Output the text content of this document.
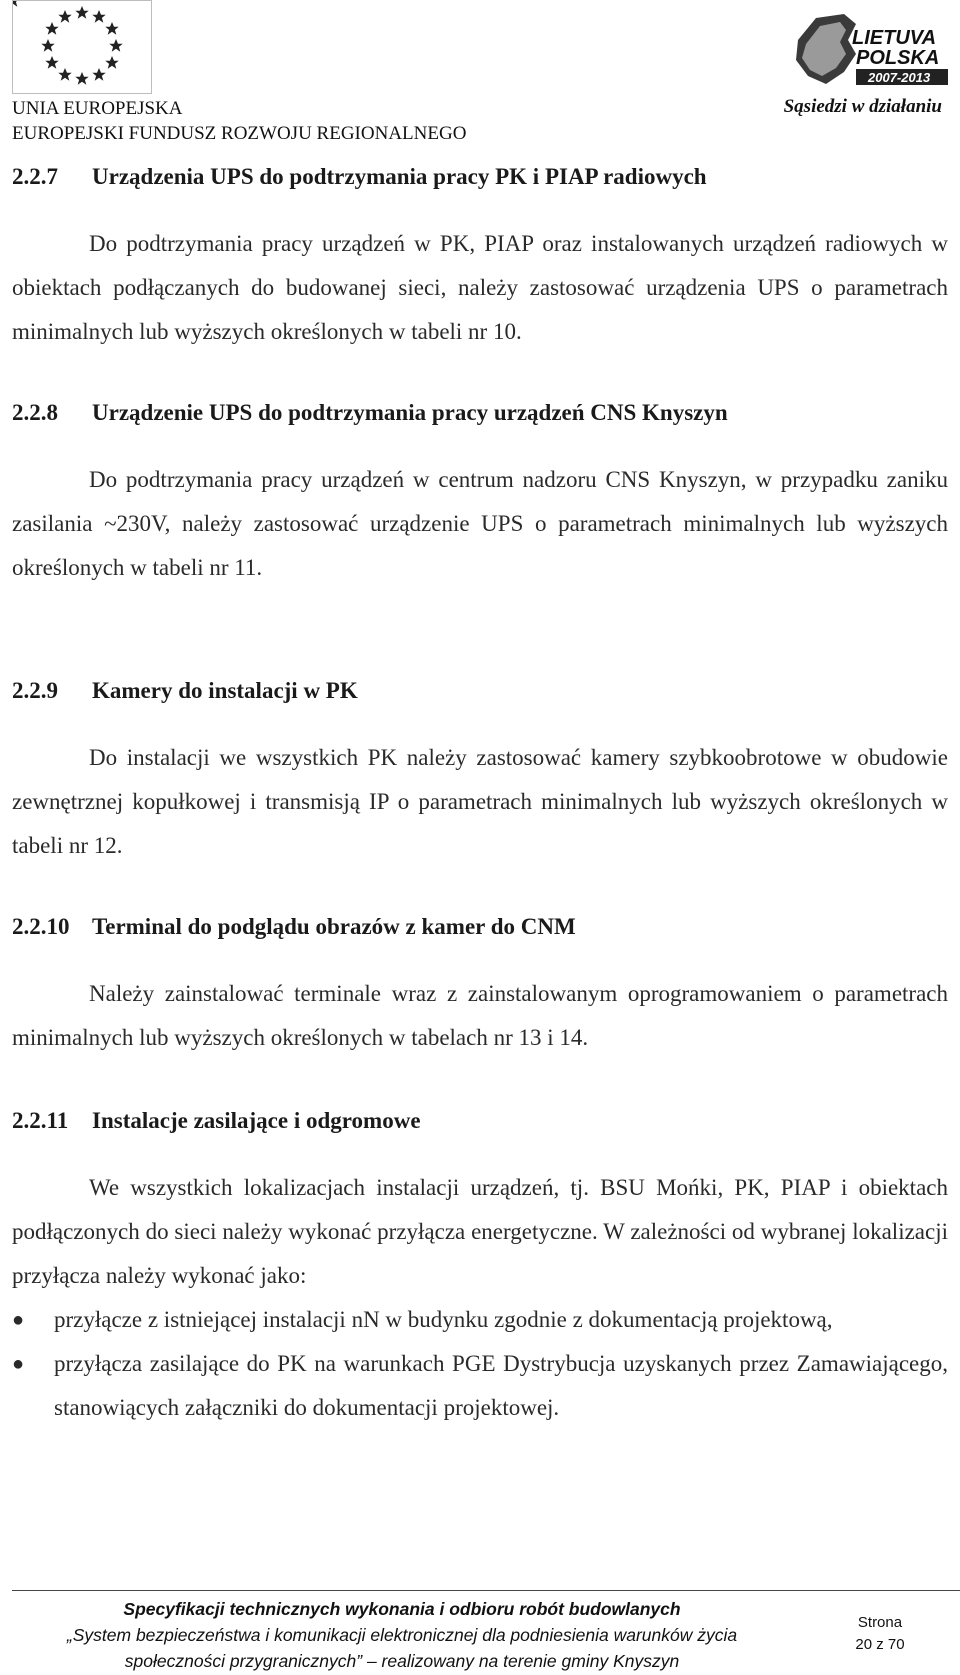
UNIA EUROPEJSKA
EUROPEJSKI FUNDUSZ ROZWOJU REGIONALNEGO
LIETUVA
POLSKA
2007-2013
Sąsiedzi w działaniu
2.2.7 Urządzenia UPS do podtrzymania pracy PK i PIAP radiowych
Do podtrzymania pracy urządzeń w PK, PIAP oraz instalowanych urządzeń radiowych w obiektach podłączanych do budowanej sieci, należy zastosować urządzenia UPS o parametrach minimalnych lub wyższych określonych w tabeli nr 10.
2.2.8 Urządzenie UPS do podtrzymania pracy urządzeń CNS Knyszyn
Do podtrzymania pracy urządzeń w centrum nadzoru CNS Knyszyn, w przypadku zaniku zasilania ~230V, należy zastosować urządzenie UPS o parametrach minimalnych lub wyższych określonych w tabeli nr 11.
2.2.9 Kamery do instalacji w PK
Do instalacji we wszystkich PK należy zastosować kamery szybkoobrotowe w obudowie zewnętrznej kopułkowej i transmisją IP o parametrach minimalnych lub wyższych określonych w tabeli nr 12.
2.2.10 Terminal do podglądu obrazów z kamer do CNM
Należy zainstalować terminale wraz z zainstalowanym oprogramowaniem o parametrach minimalnych lub wyższych określonych w tabelach nr 13 i 14.
2.2.11 Instalacje zasilające i odgromowe
We wszystkich lokalizacjach instalacji urządzeń, tj. BSU Mońki, PK, PIAP i obiektach podłączonych do sieci należy wykonać przyłącza energetyczne. W zależności od wybranej lokalizacji przyłącza należy wykonać jako:
●	przyłącze z istniejącej instalacji nN w budynku zgodnie z dokumentacją projektową,
●	przyłącza zasilające do PK na warunkach PGE Dystrybucja uzyskanych przez Zamawiającego, stanowiących załączniki do dokumentacji projektowej.
Specyfikacji technicznych wykonania i odbioru robót budowlanych
„System bezpieczeństwa i komunikacji elektronicznej dla podniesienia warunków życia
społeczności przygranicznych” – realizowany na terenie gminy Knyszyn
Strona
20 z 70
